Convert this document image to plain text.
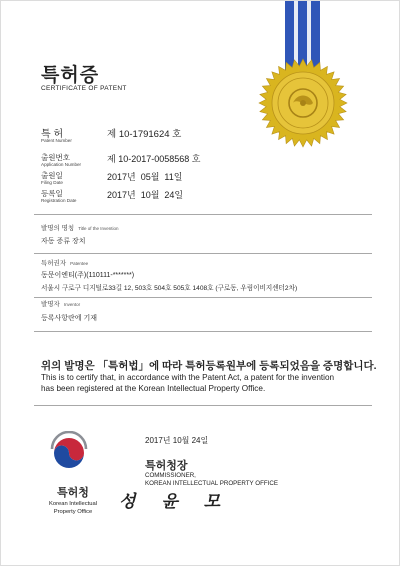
특허증
CERTIFICATE OF PATENT
특 허
Patent Number
제 10-1791624 호
출원번호
Application Number
제 10-2017-0058568 호
출원일
Filing Date
2017년  05월  11일
등록일
Registration Date
2017년  10월  24일
발명의 명칭 Title of the Invention
자동 증류 장치
특허권자 Patentee
동문이엔티(주)(110111-*******)
서울시 구로구 디지털로33길 12, 503호 504호 505호 1408호 (구로동, 우림이비지센터2차)
발명자 Inventor
등록사항란에 기재
위의 발명은 「특허법」에 따라 특허등록원부에 등록되었음을 증명합니다.
This is to certify that, in accordance with the Patent Act, a patent for the invention
has been registered at the Korean Intellectual Property Office.
2017년 10월 24일
특허청장
COMMISSIONER,
KOREAN INTELLECTUAL PROPERTY OFFICE
성 윤 모
특허청
Korean Intellectual
Property Office
